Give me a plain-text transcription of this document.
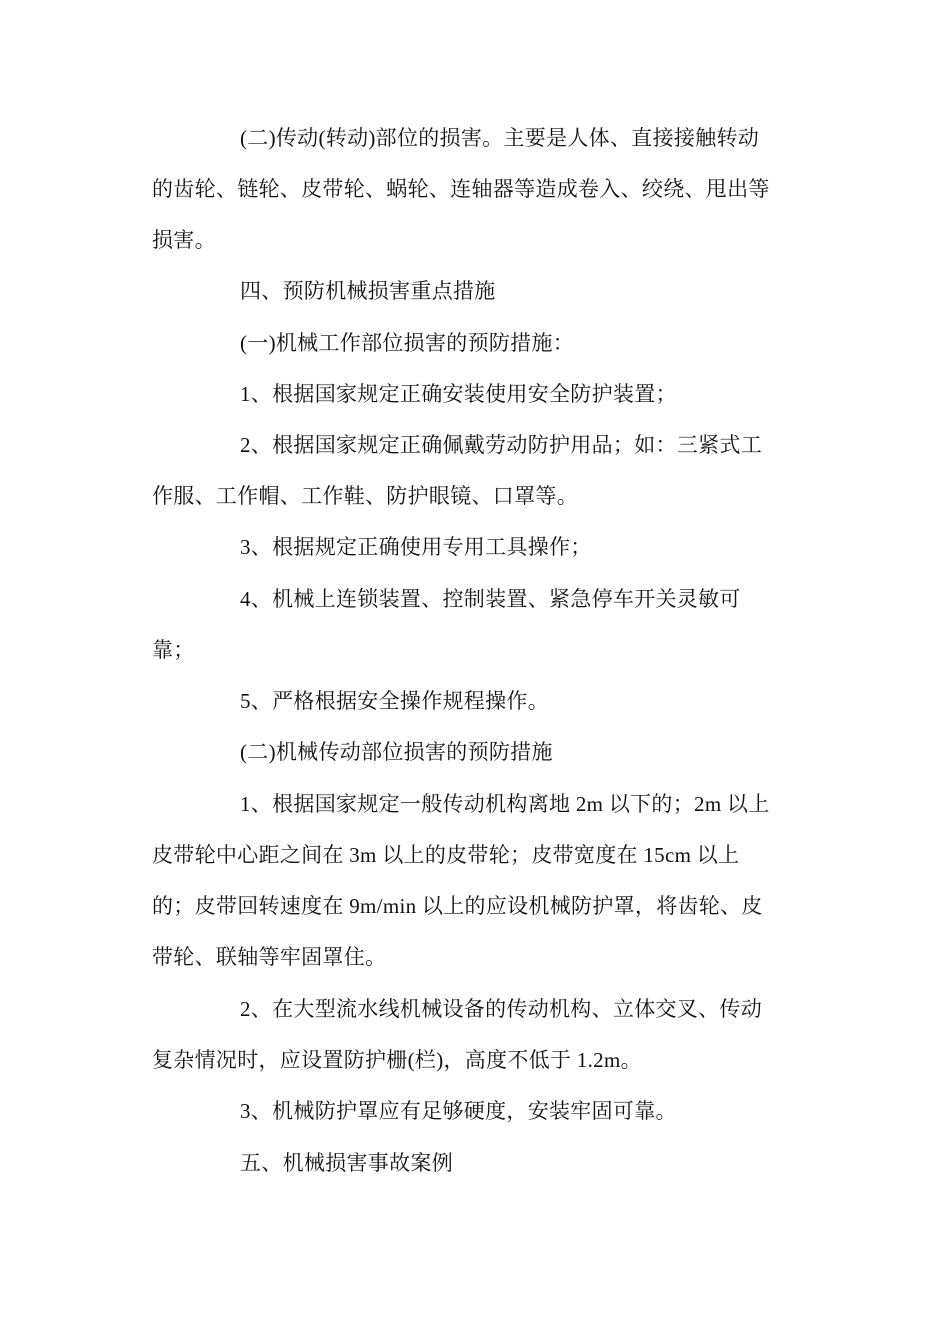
(二)传动(转动)部位的损害。主要是人体、直接接触转动
的齿轮、链轮、皮带轮、蜗轮、连轴器等造成卷入、绞绕、甩出等
损害。
四、预防机械损害重点措施
(一)机械工作部位损害的预防措施：
1、根据国家规定正确安装使用安全防护装置；
2、根据国家规定正确佩戴劳动防护用品；如：三紧式工
作服、工作帽、工作鞋、防护眼镜、口罩等。
3、根据规定正确使用专用工具操作；
4、机械上连锁装置、控制装置、紧急停车开关灵敏可
靠；
5、严格根据安全操作规程操作。
(二)机械传动部位损害的预防措施
1、根据国家规定一般传动机构离地 2m 以下的；2m 以上
皮带轮中心距之间在 3m 以上的皮带轮；皮带宽度在 15cm 以上
的；皮带回转速度在 9m/min 以上的应设机械防护罩，将齿轮、皮
带轮、联轴等牢固罩住。
2、在大型流水线机械设备的传动机构、立体交叉、传动
复杂情况时，应设置防护栅(栏)，高度不低于 1.2m。
3、机械防护罩应有足够硬度，安装牢固可靠。
五、机械损害事故案例
